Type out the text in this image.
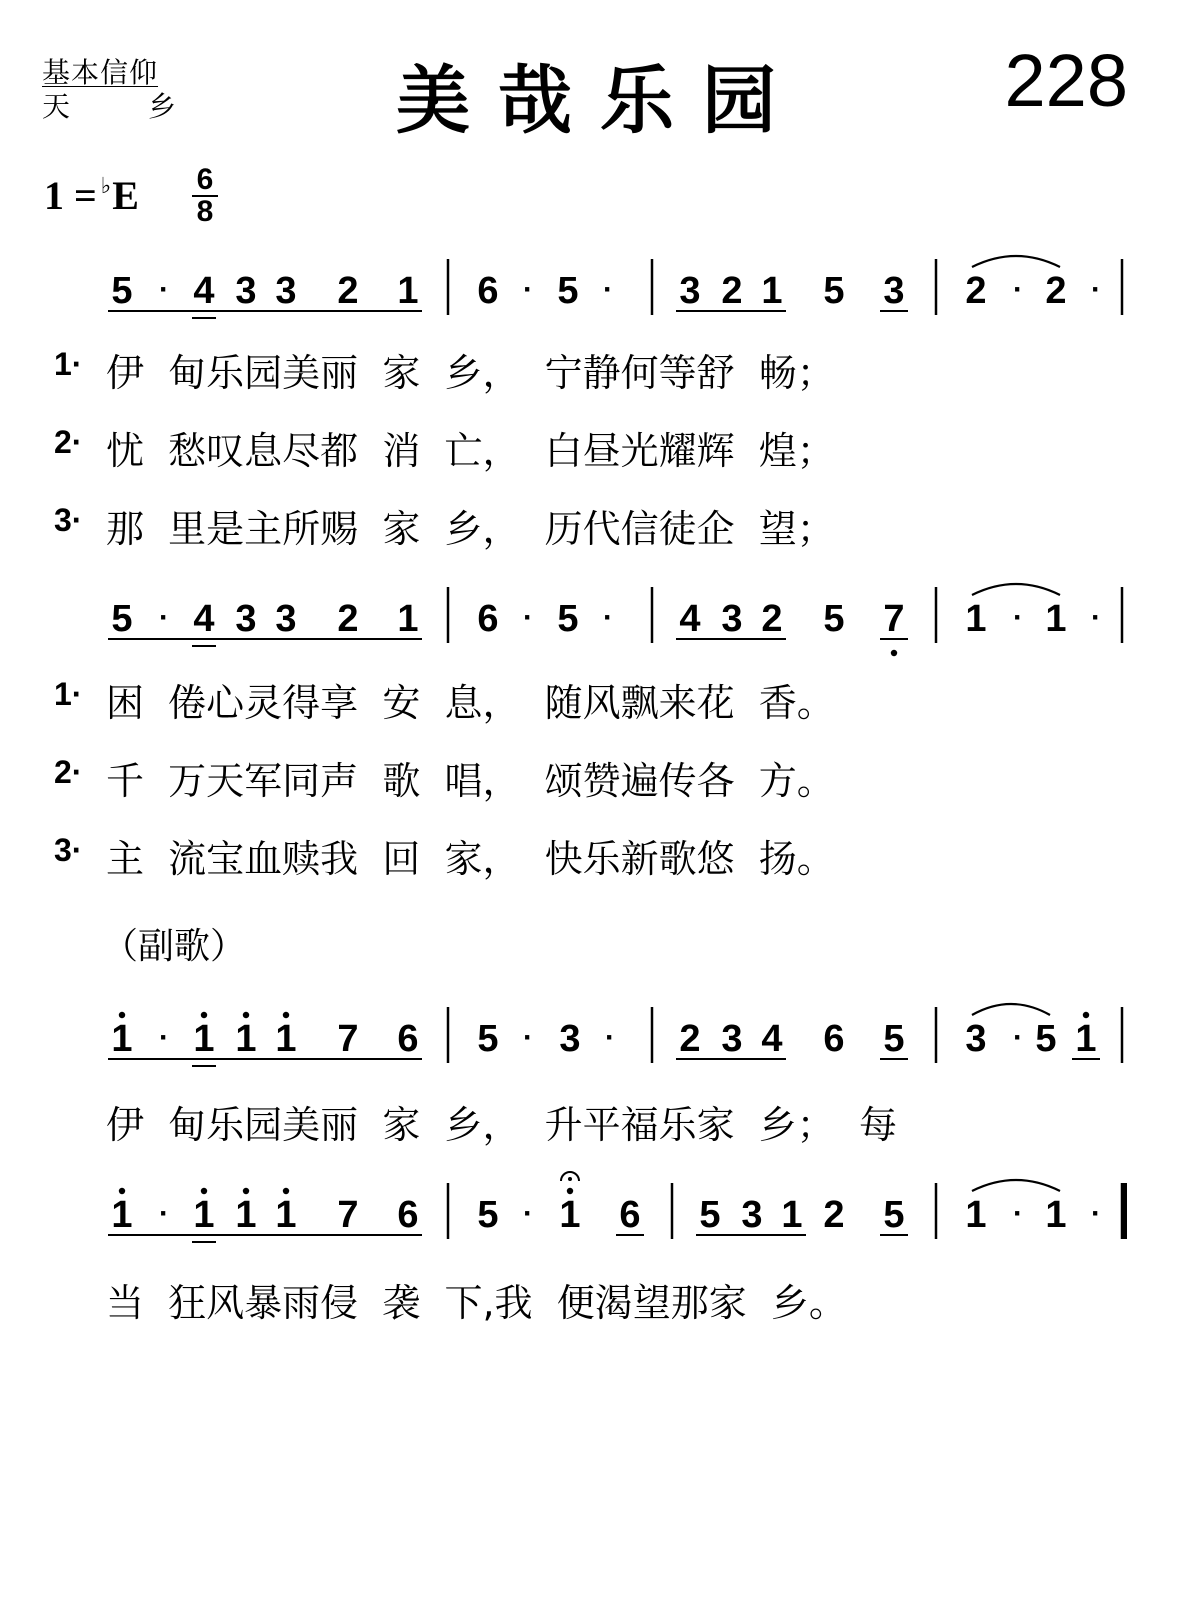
基本信仰
天	乡	美哉乐园	228
1 = ♭E 6
8
5 · 4 3 3 2 1 6 · 5 · 3 2 1 5 3 2 · 2 ·
5 · 4 3 3 2 1 6 · 5 · 4 3 2 5 7 1 · 1 ·
1 · 1 1 1 7 6 5 · 3 · 2 3 4 6 5 3 · 5 1
1 · 1 1 1 7 6 5 · 1 6 5 3 1 2 5 1 · 1 ·
1· 伊  甸乐园美丽  家  乡，  宁静何等舒  畅；
2· 忧  愁叹息尽都  消  亡，  白昼光耀辉  煌；
3· 那  里是主所赐  家  乡，  历代信徒企  望；
1· 困  倦心灵得享  安  息，  随风飘来花  香。
2· 千  万天军同声  歌  唱，  颂赞遍传各  方。
3· 主  流宝血赎我  回  家，  快乐新歌悠  扬。
（副歌）
伊  甸乐园美丽  家  乡，  升平福乐家  乡；  每
当  狂风暴雨侵  袭  下,我  便渴望那家  乡。
